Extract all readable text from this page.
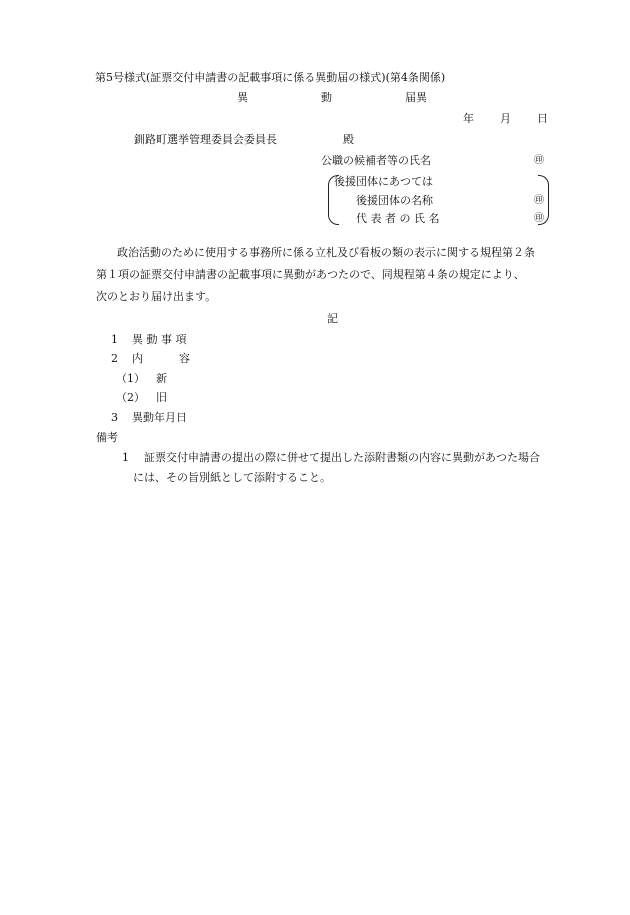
第5号様式(証票交付申請書の記載事項に係る異動届の様式)(第4条関係)
異	動	届異
年 月 日
釧路町選挙管理委員会委員長	殿
公職の候補者等の氏名	㊞
後援団体にあつては
後援団体の名称	㊞
代 表 者 の 氏 名	㊞
政治活動のために使用する事務所に係る立札及び看板の類の表示に関する規程第２条
第１項の証票交付申請書の記載事項に異動があつたので、同規程第４条の規定により、
次のとおり届け出ます。
記
1 異 動 事 項
2 内	容
（1） 新
（2） 旧
3 異動年月日
備考
1 証票交付申請書の提出の際に併せて提出した添附書類の内容に異動があつた場合
には、その旨別紙として添附すること。
